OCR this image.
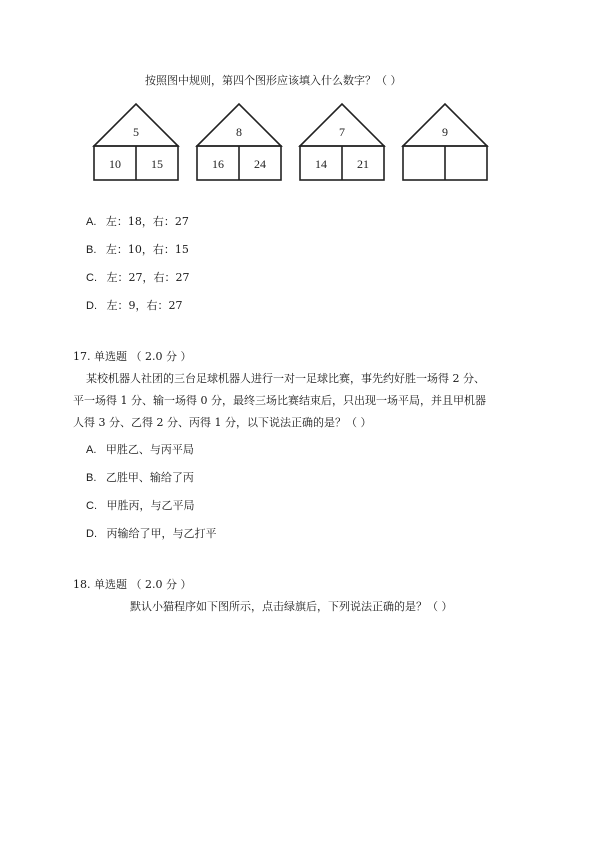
按照图中规则，第四个图形应该填入什么数字？（ ）
5
10	15
8
16	24
7
14	21
9
A. 左：18，右：27
B. 左：10，右：15
C. 左：27，右：27
D. 左：9，右：27
17. 单选题 （ 2.0 分 ）
某校机器人社团的三台足球机器人进行一对一足球比赛，事先约好胜一场得 2 分、
平一场得 1 分、输一场得 0 分，最终三场比赛结束后，只出现一场平局，并且甲机器
人得 3 分、乙得 2 分、丙得 1 分，以下说法正确的是？（ ）
A. 甲胜乙、与丙平局
B. 乙胜甲、输给了丙
C. 甲胜丙，与乙平局
D. 丙输给了甲，与乙打平
18. 单选题 （ 2.0 分 ）
默认小猫程序如下图所示，点击绿旗后，下列说法正确的是？（ ）
